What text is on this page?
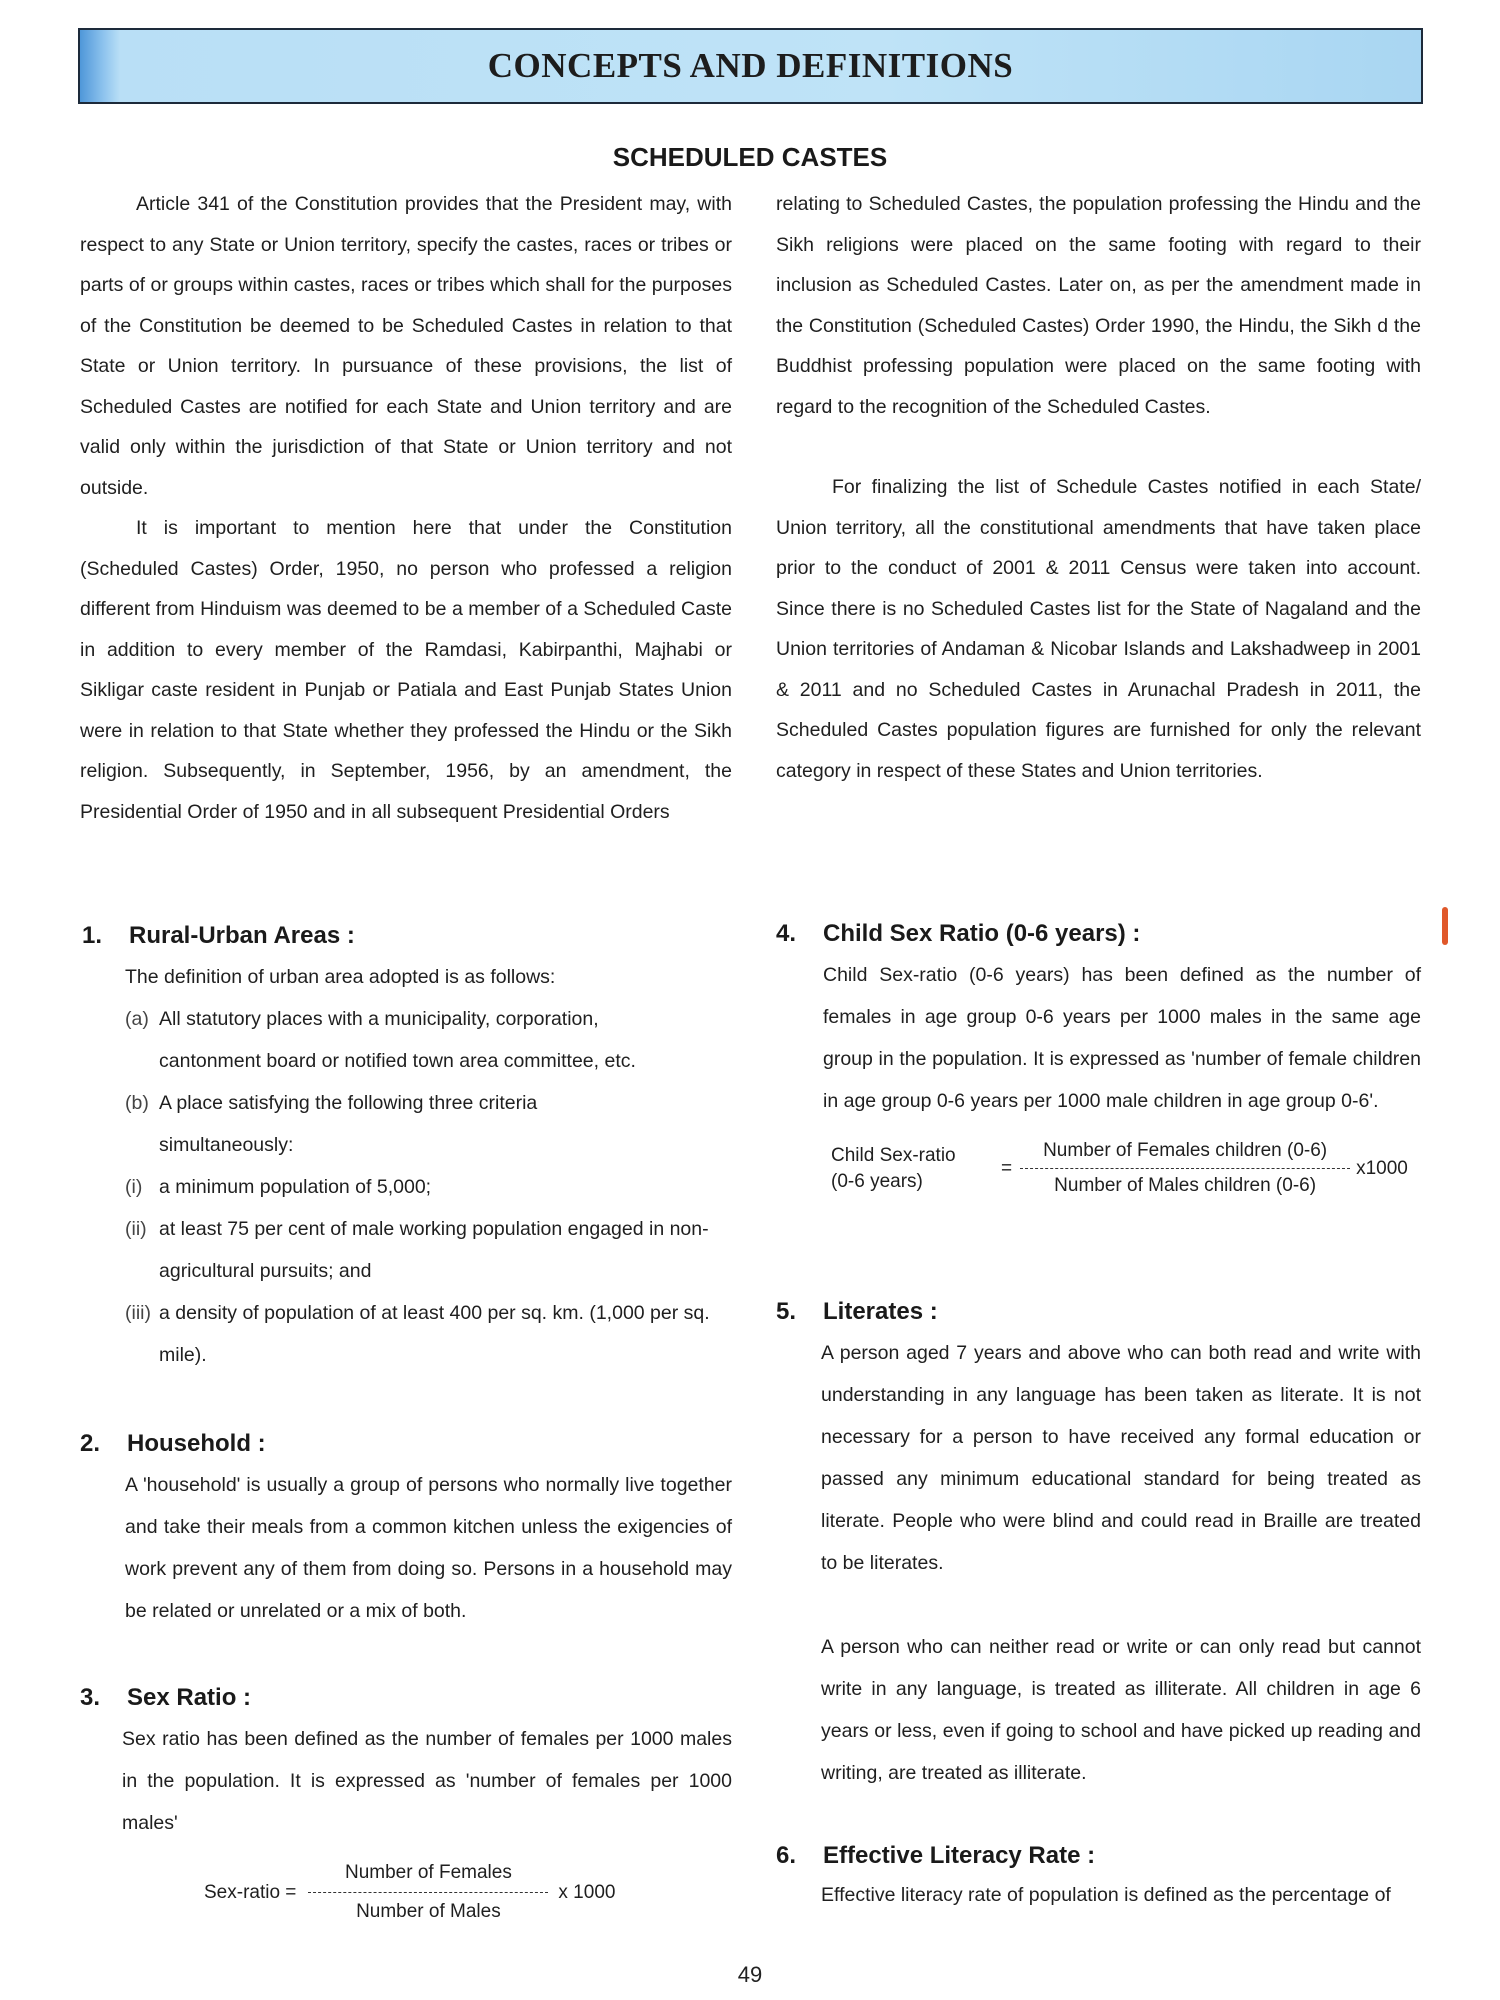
CONCEPTS AND DEFINITIONS
SCHEDULED CASTES

Article 341 of the Constitution provides that the President may, with respect to any State or Union territory, specify the castes, races or tribes or parts of or groups within castes, races or tribes which shall for the purposes of the Constitution be deemed to be Scheduled Castes in relation to that State or Union territory. In pursuance of these provisions, the list of Scheduled Castes are notified for each State and Union territory and are valid only within the jurisdiction of that State or Union territory and not outside.

It is important to mention here that under the Constitution (Scheduled Castes) Order, 1950, no person who professed a religion different from Hinduism was deemed to be a member of a Scheduled Caste in addition to every member of the Ramdasi, Kabirpanthi, Majhabi or Sikligar caste resident in Punjab or Patiala and East Punjab States Union were in relation to that State whether they professed the Hindu or the Sikh religion. Subsequently, in September, 1956, by an amendment, the Presidential Order of 1950 and in all subsequent Presidential Orders

relating to Scheduled Castes, the population professing the Hindu and the Sikh religions were placed on the same footing with regard to their inclusion as Scheduled Castes. Later on, as per the amendment made in the Constitution (Scheduled Castes) Order 1990, the Hindu, the Sikh d the Buddhist professing population were placed on the same footing with regard to the recognition of the Scheduled Castes.

For finalizing the list of Schedule Castes notified in each State/ Union territory, all the constitutional amendments that have taken place prior to the conduct of 2001 & 2011 Census were taken into account. Since there is no Scheduled Castes list for the State of Nagaland and the Union territories of Andaman & Nicobar Islands and Lakshadweep in 2001 & 2011 and no Scheduled Castes in Arunachal Pradesh in 2011, the Scheduled Castes population figures are furnished for only the relevant category in respect of these States and Union territories.

1. Rural-Urban Areas :

The definition of urban area adopted is as follows:

(a) All statutory places with a municipality, corporation, cantonment board or notified town area committee, etc.
(b) A place satisfying the following three criteria simultaneously:
(i) a minimum population of 5,000;
(ii) at least 75 per cent of male working population engaged in non-agricultural pursuits; and
(iii) a density of population of at least 400 per sq. km. (1,000 per sq. mile).
2. Household :

A 'household' is usually a group of persons who normally live together and take their meals from a common kitchen unless the exigencies of work prevent any of them from doing so. Persons in a household may be related or unrelated or a mix of both.

3. Sex Ratio :

Sex ratio has been defined as the number of females per 1000 males in the population. It is expressed as 'number of females per 1000 males'

Sex-ratio = $\frac{\text{Number of Females}}{\text{Number of Males}}$ x 1000
4. Child Sex Ratio (0-6 years) :

Child Sex-ratio (0-6 years) has been defined as the number of females in age group 0-6 years per 1000 males in the same age group in the population. It is expressed as 'number of female children in age group 0-6 years per 1000 male children in age group 0-6'.

Child Sex-ratio
(0-6 years)
= $\frac{\text{Number of Females children (0-6)}}{\text{Number of Males children (0-6)}} x1000$
5. Literates :

A person aged 7 years and above who can both read and write with understanding in any language has been taken as literate. It is not necessary for a person to have received any formal education or passed any minimum educational standard for being treated as literate. People who were blind and could read in Braille are treated to be literates.

A person who can neither read or write or can only read but cannot write in any language, is treated as illiterate. All children in age 6 years or less, even if going to school and have picked up reading and writing, are treated as illiterate.

6. Effective Literacy Rate :

Effective literacy rate of population is defined as the percentage of

49
